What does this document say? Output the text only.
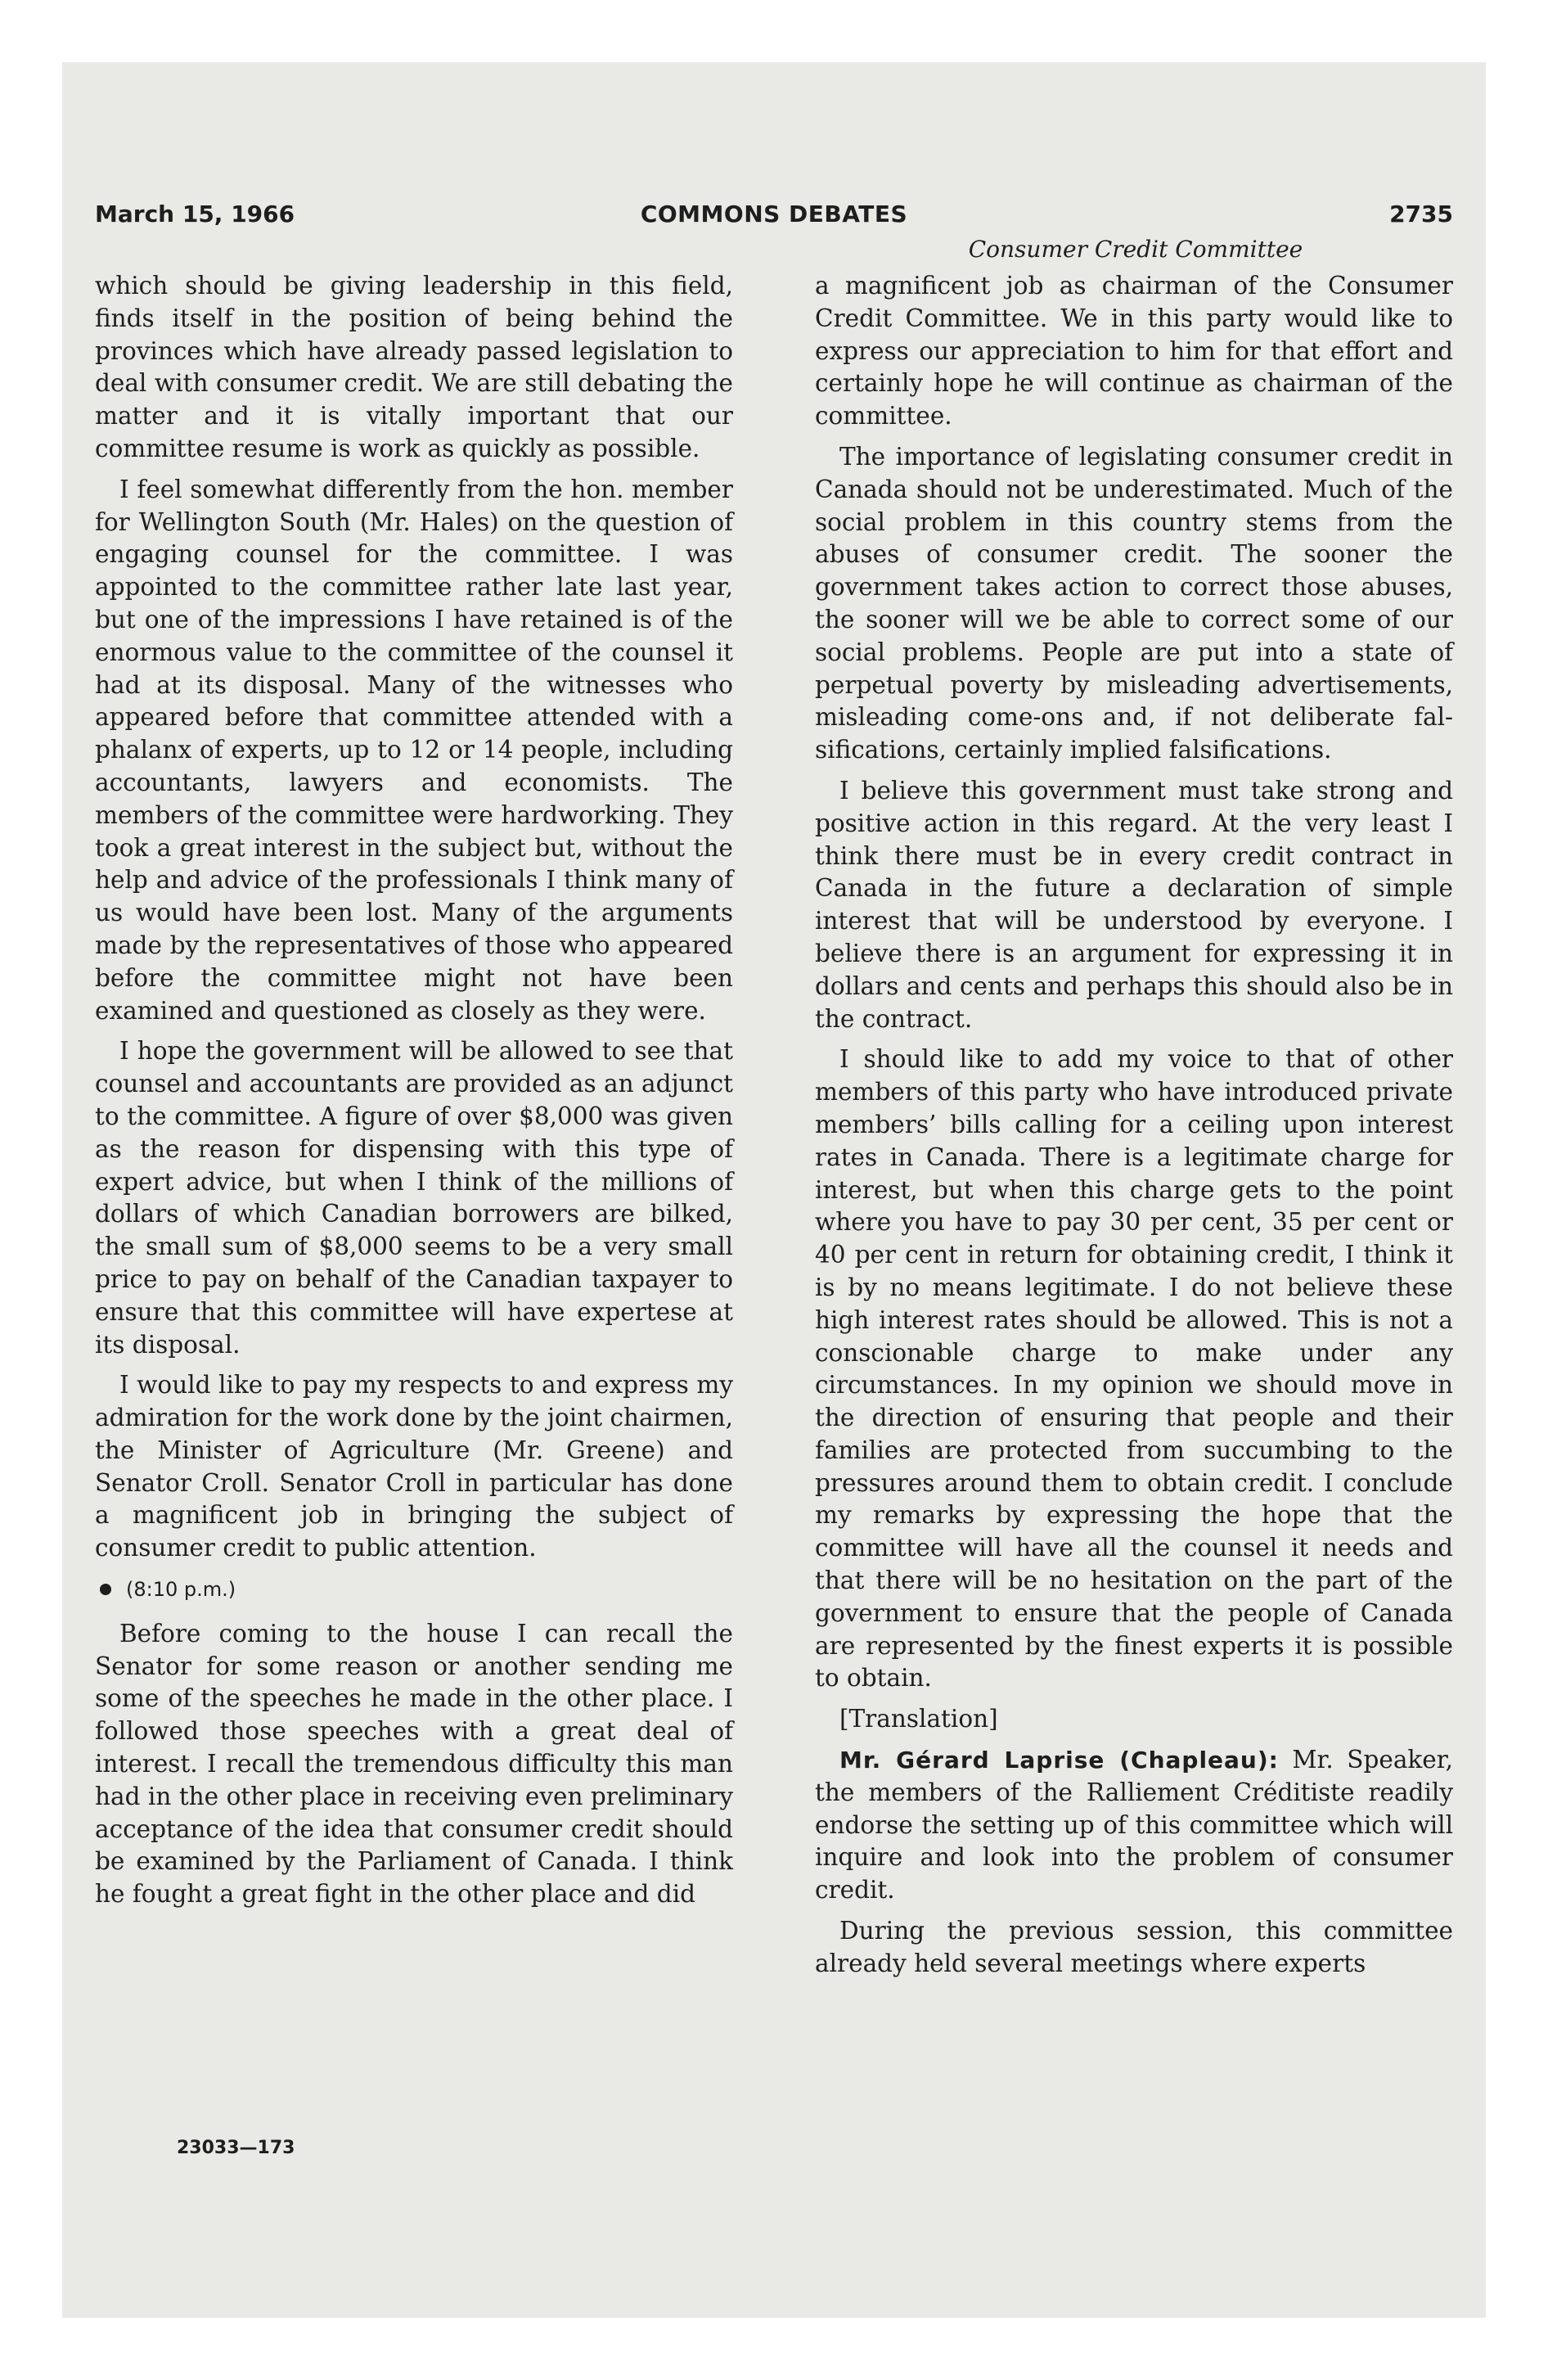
March 15, 1966	COMMONS DEBATES	2735
Consumer Credit Committee

which should be giving leadership in this field, finds itself in the position of being behind the provinces which have already passed legislation to deal with consumer credit. We are still debating the matter and it is vitally important that our committee resume is work as quickly as possible.

I feel somewhat differently from the hon. member for Wellington South (Mr. Hales) on the question of engaging counsel for the committee. I was appointed to the committee rather late last year, but one of the impressions I have retained is of the enormous value to the committee of the counsel it had at its disposal. Many of the witnesses who appeared before that committee attended with a phalanx of experts, up to 12 or 14 people, including accountants, lawyers and economists. The members of the committee were hardworking. They took a great interest in the subject but, without the help and advice of the professionals I think many of us would have been lost. Many of the arguments made by the representatives of those who appeared before the committee might not have been examined and questioned as closely as they were.

I hope the government will be allowed to see that counsel and accountants are provided as an adjunct to the committee. A figure of over $8,000 was given as the reason for dispensing with this type of expert advice, but when I think of the millions of dollars of which Canadian borrowers are bilked, the small sum of $8,000 seems to be a very small price to pay on behalf of the Canadian taxpayer to ensure that this committee will have expertese at its disposal.

I would like to pay my respects to and express my admiration for the work done by the joint chairmen, the Minister of Agriculture (Mr. Greene) and Senator Croll. Senator Croll in particular has done a magnificent job in bringing the subject of consumer credit to public attention.

(8:10 p.m.)

Before coming to the house I can recall the Senator for some reason or another sending me some of the speeches he made in the other place. I followed those speeches with a great deal of interest. I recall the tremendous difficulty this man had in the other place in receiving even preliminary acceptance of the idea that consumer credit should be examined by the Parliament of Canada. I think he fought a great fight in the other place and did

a magnificent job as chairman of the Consumer Credit Committee. We in this party would like to express our appreciation to him for that effort and certainly hope he will continue as chairman of the committee.

The importance of legislating consumer credit in Canada should not be underestimated. Much of the social problem in this country stems from the abuses of consumer credit. The sooner the government takes action to correct those abuses, the sooner will we be able to correct some of our social problems. People are put into a state of perpetual poverty by misleading advertisements, misleading come-ons and, if not deliberate falsifications, certainly implied falsifications.

I believe this government must take strong and positive action in this regard. At the very least I think there must be in every credit contract in Canada in the future a declaration of simple interest that will be understood by everyone. I believe there is an argument for expressing it in dollars and cents and perhaps this should also be in the contract.

I should like to add my voice to that of other members of this party who have introduced private members’ bills calling for a ceiling upon interest rates in Canada. There is a legitimate charge for interest, but when this charge gets to the point where you have to pay 30 per cent, 35 per cent or 40 per cent in return for obtaining credit, I think it is by no means legitimate. I do not believe these high interest rates should be allowed. This is not a conscionable charge to make under any circumstances. In my opinion we should move in the direction of ensuring that people and their families are protected from succumbing to the pressures around them to obtain credit. I conclude my remarks by expressing the hope that the committee will have all the counsel it needs and that there will be no hesitation on the part of the government to ensure that the people of Canada are represented by the finest experts it is possible to obtain.

[Translation]

Mr. Gérard Laprise (Chapleau): Mr. Speaker, the members of the Ralliement Créditiste readily endorse the setting up of this committee which will inquire and look into the problem of consumer credit.

During the previous session, this committee already held several meetings where experts

23033—173
